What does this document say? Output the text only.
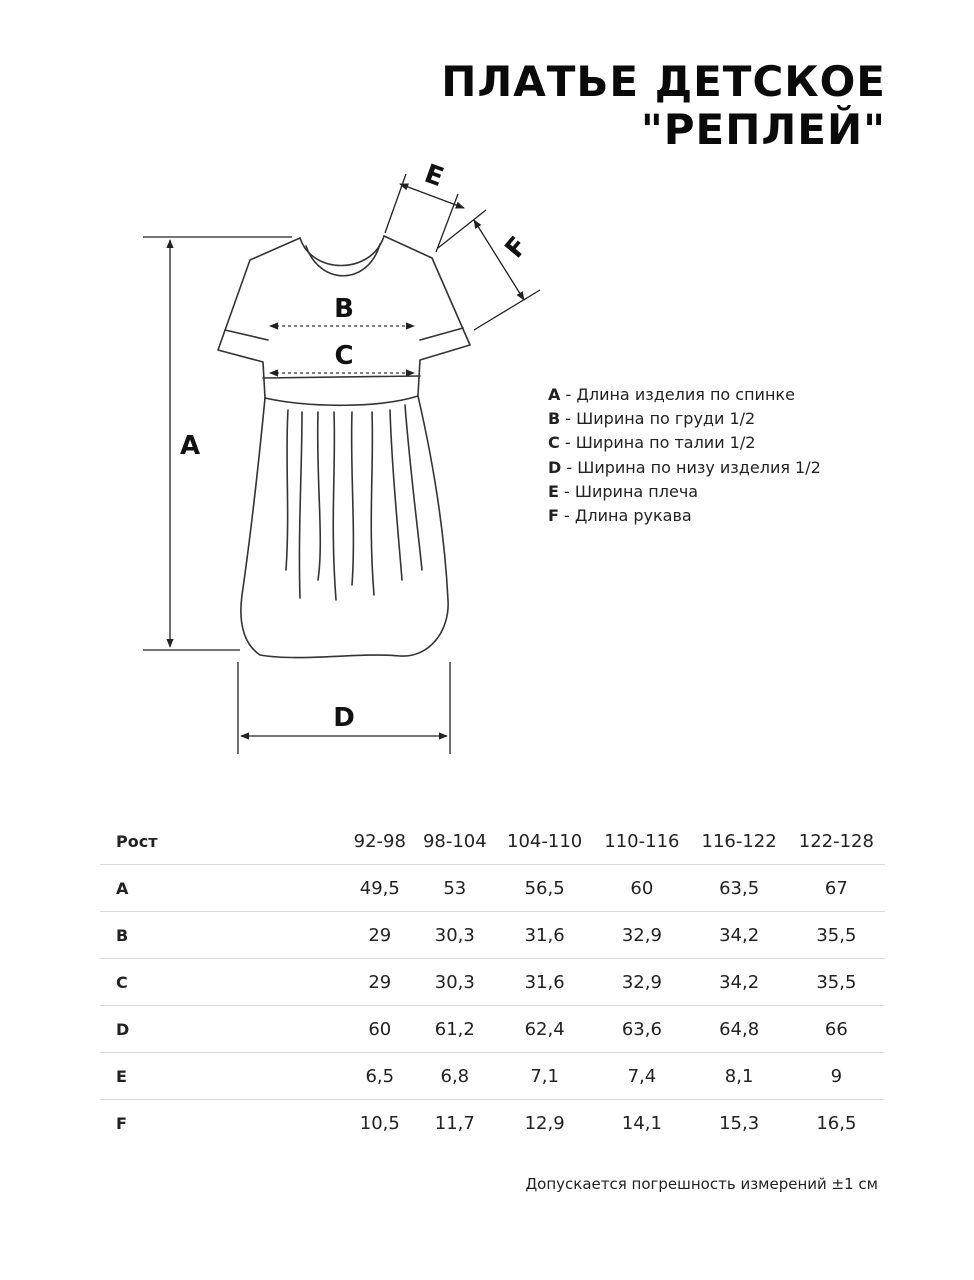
ПЛАТЬЕ ДЕТСКОЕ
"РЕПЛЕЙ"
A
B
C
D
E
F
A - Длина изделия по спинке
B - Ширина по груди 1/2
C - Ширина по талии 1/2
D - Ширина по низу изделия 1/2
E - Ширина плеча
F - Длина рукава
Рост	92-98	98-104	104-110	110-116	116-122	122-128
A	49,5	53	56,5	60	63,5	67
B	29	30,3	31,6	32,9	34,2	35,5
C	29	30,3	31,6	32,9	34,2	35,5
D	60	61,2	62,4	63,6	64,8	66
E	6,5	6,8	7,1	7,4	8,1	9
F	10,5	11,7	12,9	14,1	15,3	16,5
Допускается погрешность измерений ±1 см
